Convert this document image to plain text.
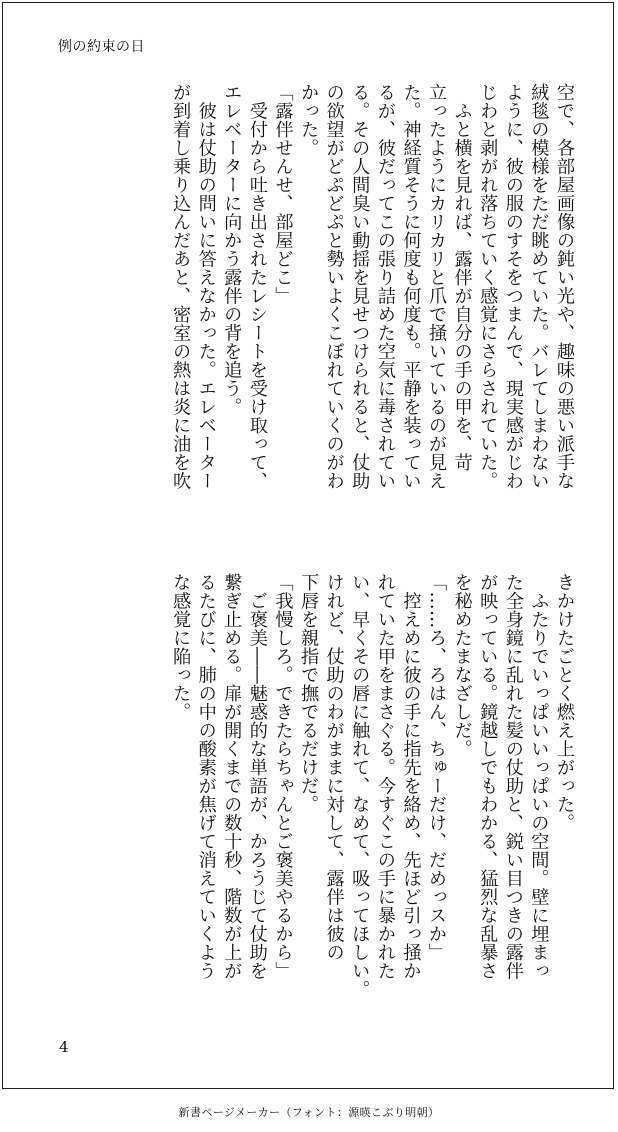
例の約束の日
空で、各部屋画像の鈍い光や、趣味の悪い派手な
絨毯の模様をただ眺めていた。バレてしまわない
ように、彼の服のすそをつまんで、現実感がじわ
じわと剥がれ落ちていく感覚にさらされていた。
　ふと横を見れば、露伴が自分の手の甲を、苛
立ったようにカリカリと爪で掻いているのが見え
た。神経質そうに何度も何度も。平静を装ってい
るが、彼だってこの張り詰めた空気に毒されてい
る。その人間臭い動揺を見せつけられると、仗助
の欲望がどぷどぷと勢いよくこぼれていくのがわ
かった。
「露伴せんせ、部屋どこ」
　受付から吐き出されたレシートを受け取って、
エレベーターに向かう露伴の背を追う。
　彼は仗助の問いに答えなかった。エレベーター
が到着し乗り込んだあと、密室の熱は炎に油を吹
きかけたごとく燃え上がった。
　ふたりでいっぱいいっぱいの空間。壁に埋まっ
た全身鏡に乱れた髪の仗助と、鋭い目つきの露伴
が映っている。鏡越しでもわかる、猛烈な乱暴さ
を秘めたまなざしだ。
「……ろ、ろはん、ちゅーだけ、だめっスか」
　控えめに彼の手に指先を絡め、先ほど引っ掻か
れていた甲をまさぐる。今すぐこの手に暴かれた
い、早くその唇に触れて、なめて、吸ってほしい。
けれど、仗助のわがままに対して、露伴は彼の
下唇を親指で撫でるだけだ。
「我慢しろ。できたらちゃんとご褒美やるから」
　ご褒美――魅惑的な単語が、かろうじて仗助を
繋ぎ止める。扉が開くまでの数十秒、階数が上が
るたびに、肺の中の酸素が焦げて消えていくよう
な感覚に陥った。
4
新書ページメーカー（フォント：源暎こぶり明朝）
